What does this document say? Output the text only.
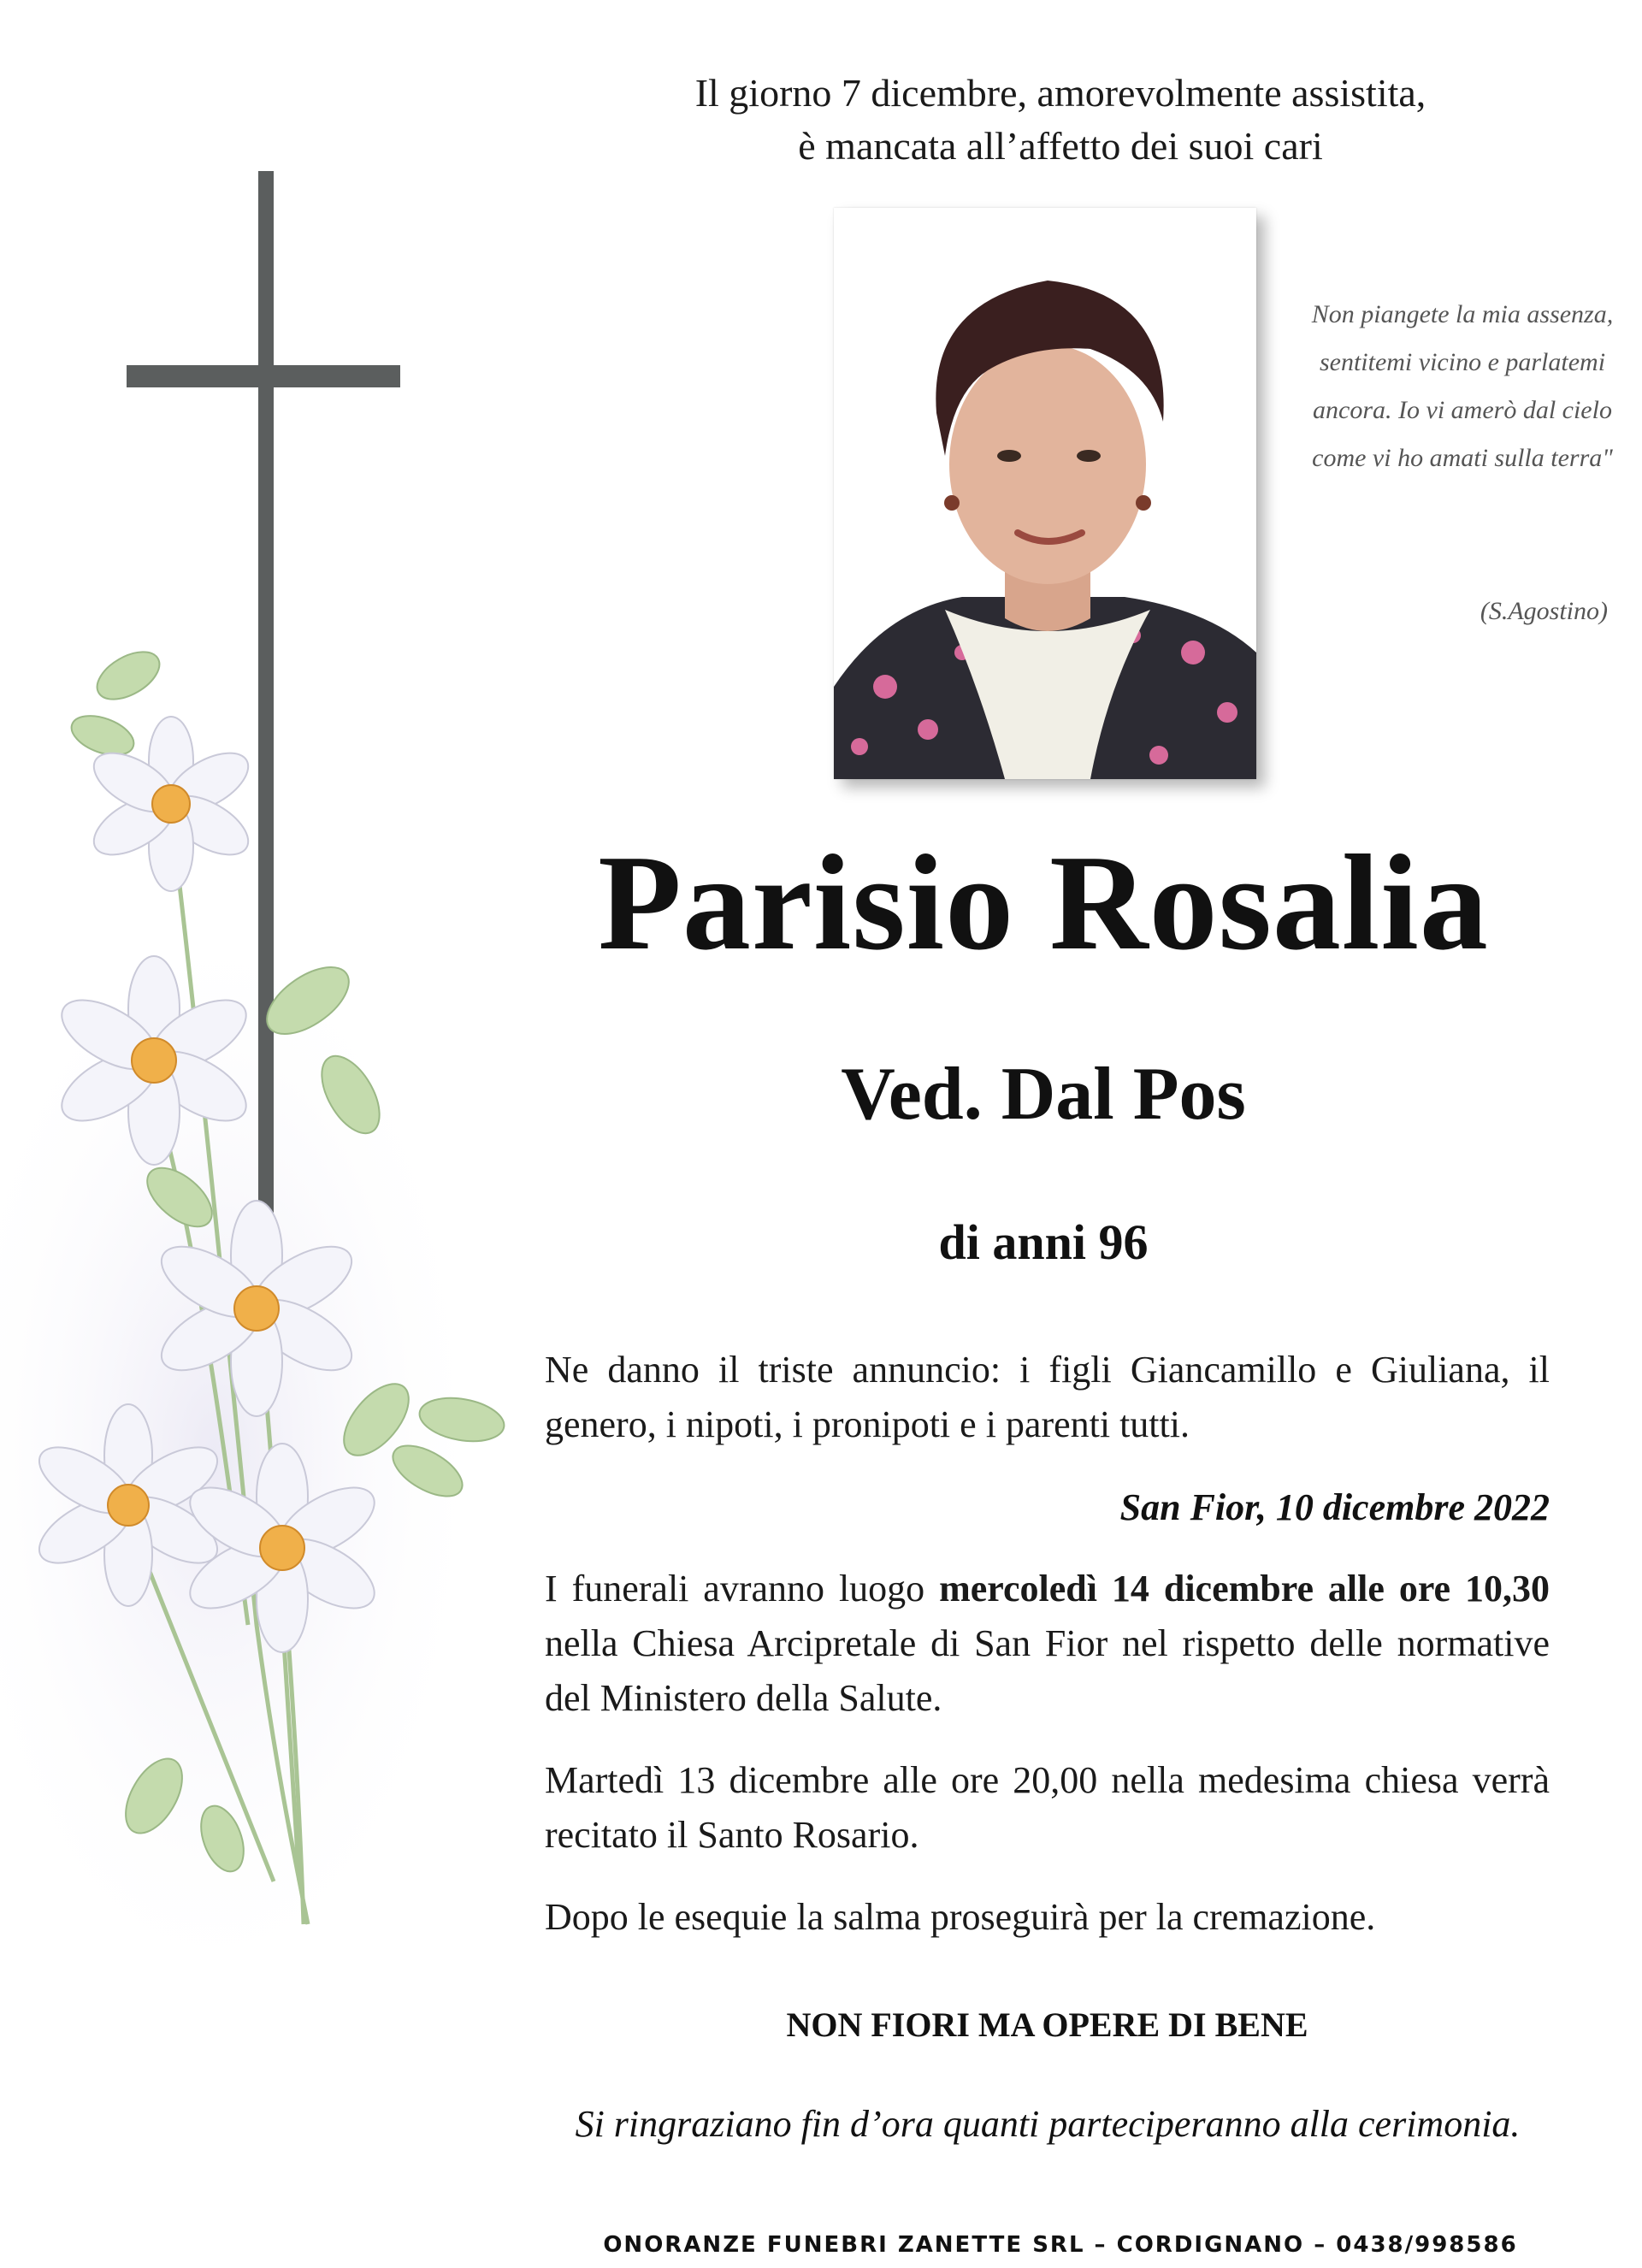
Il giorno 7 dicembre, amorevolmente assistita,
è mancata all’affetto dei suoi cari
Non piangete la mia assenza, sentitemi vicino e parlatemi ancora. Io vi amerò dal cielo come vi ho amati sulla terra"
(S.Agostino)
Parisio Rosalia
Ved. Dal Pos
di anni 96
Ne danno il triste annuncio: i figli Giancamillo e Giuliana, il genero, i nipoti, i pronipoti e i parenti tutti.
San Fior, 10 dicembre 2022
I funerali avranno luogo mercoledì 14 dicembre alle ore 10,30 nella Chiesa Arcipretale di San Fior nel rispetto delle normative del Ministero della Salute.
Martedì 13 dicembre alle ore 20,00 nella medesima chiesa verrà recitato il Santo Rosario.
Dopo le esequie la salma proseguirà per la cremazione.
NON FIORI MA OPERE DI BENE
Si ringraziano fin d’ora quanti parteciperanno alla cerimonia.
ONORANZE FUNEBRI ZANETTE SRL – CORDIGNANO – 0438/998586
